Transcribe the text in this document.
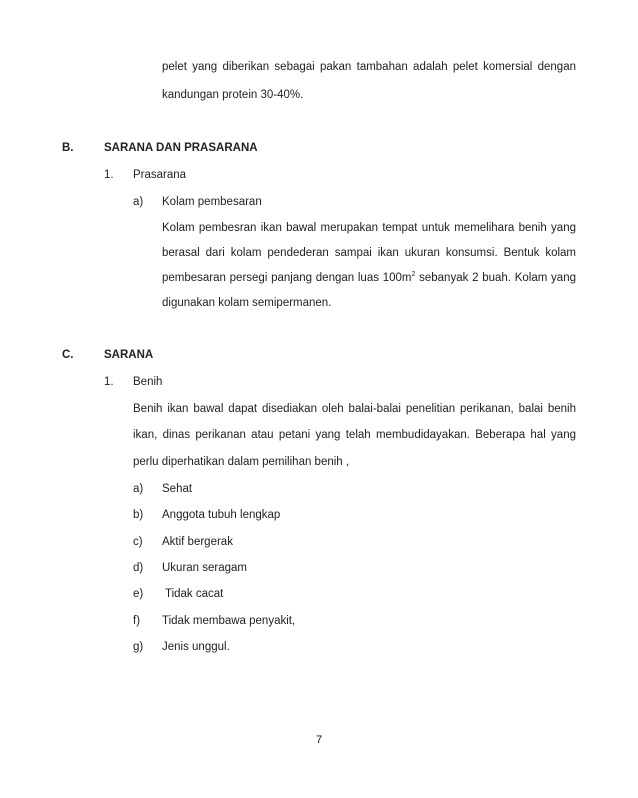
pelet yang diberikan sebagai pakan tambahan adalah pelet komersial dengan
kandungan protein 30-40%.
B.	SARANA DAN PRASARANA
1. Prasarana
a) Kolam pembesaran
Kolam pembesran ikan bawal merupakan tempat untuk memelihara benih yang
berasal dari kolam pendederan sampai ikan ukuran konsumsi. Bentuk kolam
pembesaran persegi panjang dengan luas $100m^2$ sebanyak 2 buah. Kolam yang
digunakan kolam semipermanen.
C.	SARANA
1. Benih
Benih ikan bawal dapat disediakan oleh balai-balai penelitian perikanan, balai benih
ikan, dinas perikanan atau petani yang telah membudidayakan. Beberapa hal yang
perlu diperhatikan dalam pemilihan benih ,
a) Sehat
b) Anggota tubuh lengkap
c) Aktif bergerak
d) Ukuran seragam
e) Tidak cacat
f) Tidak membawa penyakit,
g) Jenis unggul.
7
